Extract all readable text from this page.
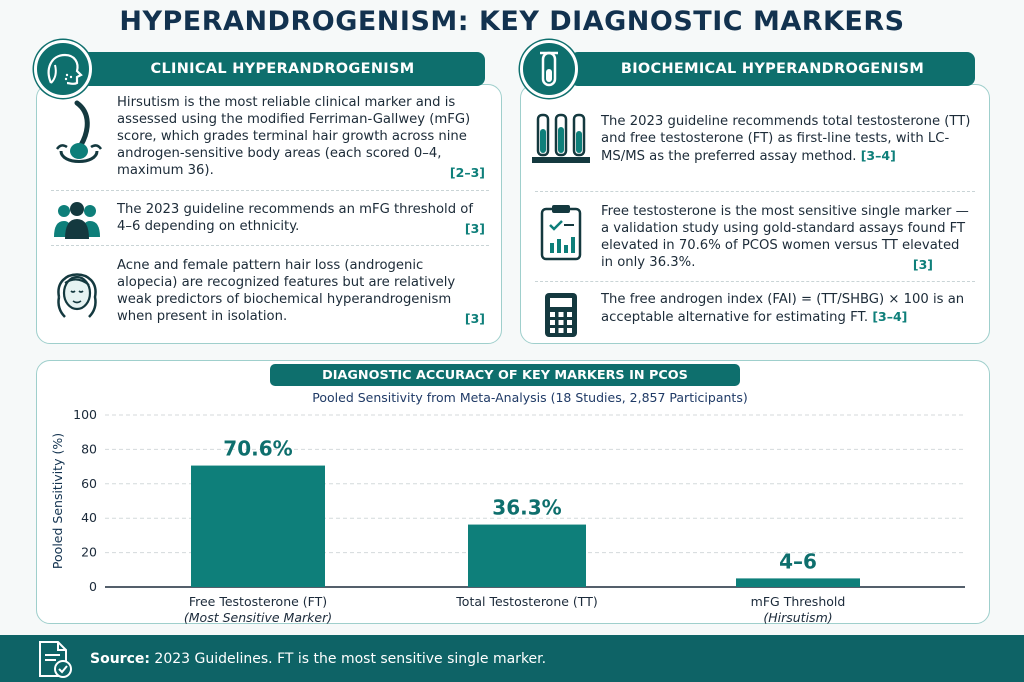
HYPERANDROGENISM: KEY DIAGNOSTIC MARKERS
Hirsutism is the most reliable clinical marker and is assessed using the modified Ferriman-Gallwey (mFG) score, which grades terminal hair growth across nine androgen-sensitive body areas (each scored 0–4, maximum 36).	[2–3]
The 2023 guideline recommends an mFG threshold of 4–6 depending on ethnicity.	[3]
Acne and female pattern hair loss (androgenic alopecia) are recognized features but are relatively weak predictors of biochemical hyperandrogenism when present in isolation.	[3]
The 2023 guideline recommends total testosterone (TT) and free testosterone (FT) as first-line tests, with LC-MS/MS as the preferred assay method. [3–4]
Free testosterone is the most sensitive single marker — a validation study using gold-standard assays found FT elevated in 70.6% of PCOS women versus TT elevated in only 36.3%.	[3]
The free androgen index (FAI) = (TT/SHBG) × 100 is an acceptable alternative for estimating FT. [3–4]
CLINICAL HYPERANDROGENISM	BIOCHEMICAL HYPERANDROGENISM
DIAGNOSTIC ACCURACY OF KEY MARKERS IN PCOS
Pooled Sensitivity from Meta-Analysis (18 Studies, 2,857 Participants)
0
20
40
60
80
100
Pooled Sensitivity (%)	70.6%
Free Testosterone (FT)
(Most Sensitive Marker)
36.3%
Total Testosterone (TT)
4–6
mFG Threshold
(Hirsutism)
Source: 2023 Guidelines. FT is the most sensitive single marker.
